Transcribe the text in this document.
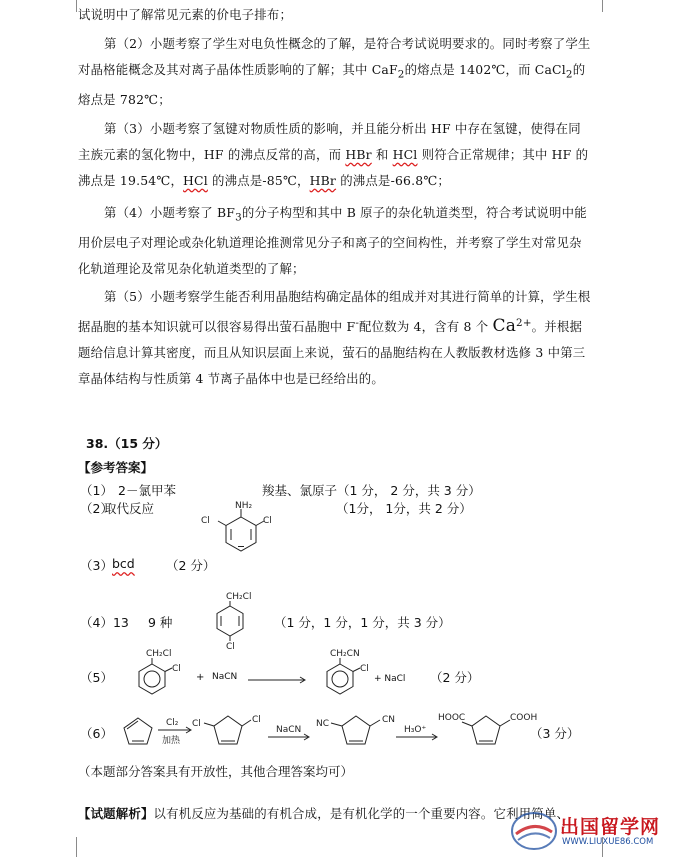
试说明中了解常见元素的价电子排布；

第（2）小题考察了学生对电负性概念的了解，是符合考试说明要求的。同时考察了学生对晶格能概念及其对离子晶体性质影响的了解；其中 CaF$_2$的熔点是 1402℃，而 CaCl$_2$的熔点是 782℃；

第（3）小题考察了氢键对物质性质的影响，并且能分析出 HF 中存在氢键，使得在同主族元素的氢化物中，HF 的沸点反常的高，而 HBr 和 HCl 则符合正常规律；其中 HF 的沸点是 19.54℃，HCl 的沸点是-85℃，HBr 的沸点是-66.8℃；

第（4）小题考察了 $BF_3$的分子构型和其中 B 原子的杂化轨道类型，符合考试说明中能用价层电子对理论或杂化轨道理论推测常见分子和离子的空间构性，并考察了学生对常见杂化轨道理论及常见杂化轨道类型的了解；

第（5）小题考察学生能否利用晶胞结构确定晶体的组成并对其进行简单的计算，学生根据晶胞的基本知识就可以很容易得出萤石晶胞中 F-配位数为 4，含有 8 个 $Ca^{2+}$。并根据题给信息计算其密度，而且从知识层面上来说，萤石的晶胞结构在人教版教材选修 3 中第三章晶体结构与性质第 4 节离子晶体中也是已经给出的。

38.（15 分）
【参考答案】
（1） 2－氯甲苯	羧基、氯原子（1 分， 2 分，共 3 分）
（2）
取代反应	（1分， 1分，共 2 分）
NH₂
Cl
Cl
（3） bcd	（2 分）
（4）13 9 种	（1 分，1 分，1 分，共 3 分）
CH₂Cl
Cl
（5）
CH₂Cl
Cl
+ NaCN →
CH₂CN
Cl
+ NaCl （2 分）
（6）
Cl₂
加热
Cl	Cl
NaCN
NC	CN
H₃O⁺
HOOC	COOH
（3 分）
（本题部分答案具有开放性，其他合理答案均可）

【试题解析】以有机反应为基础的有机合成，是有机化学的一个重要内容。它利用简单、

出国留学网
WWW.LIUXUE86.COM
